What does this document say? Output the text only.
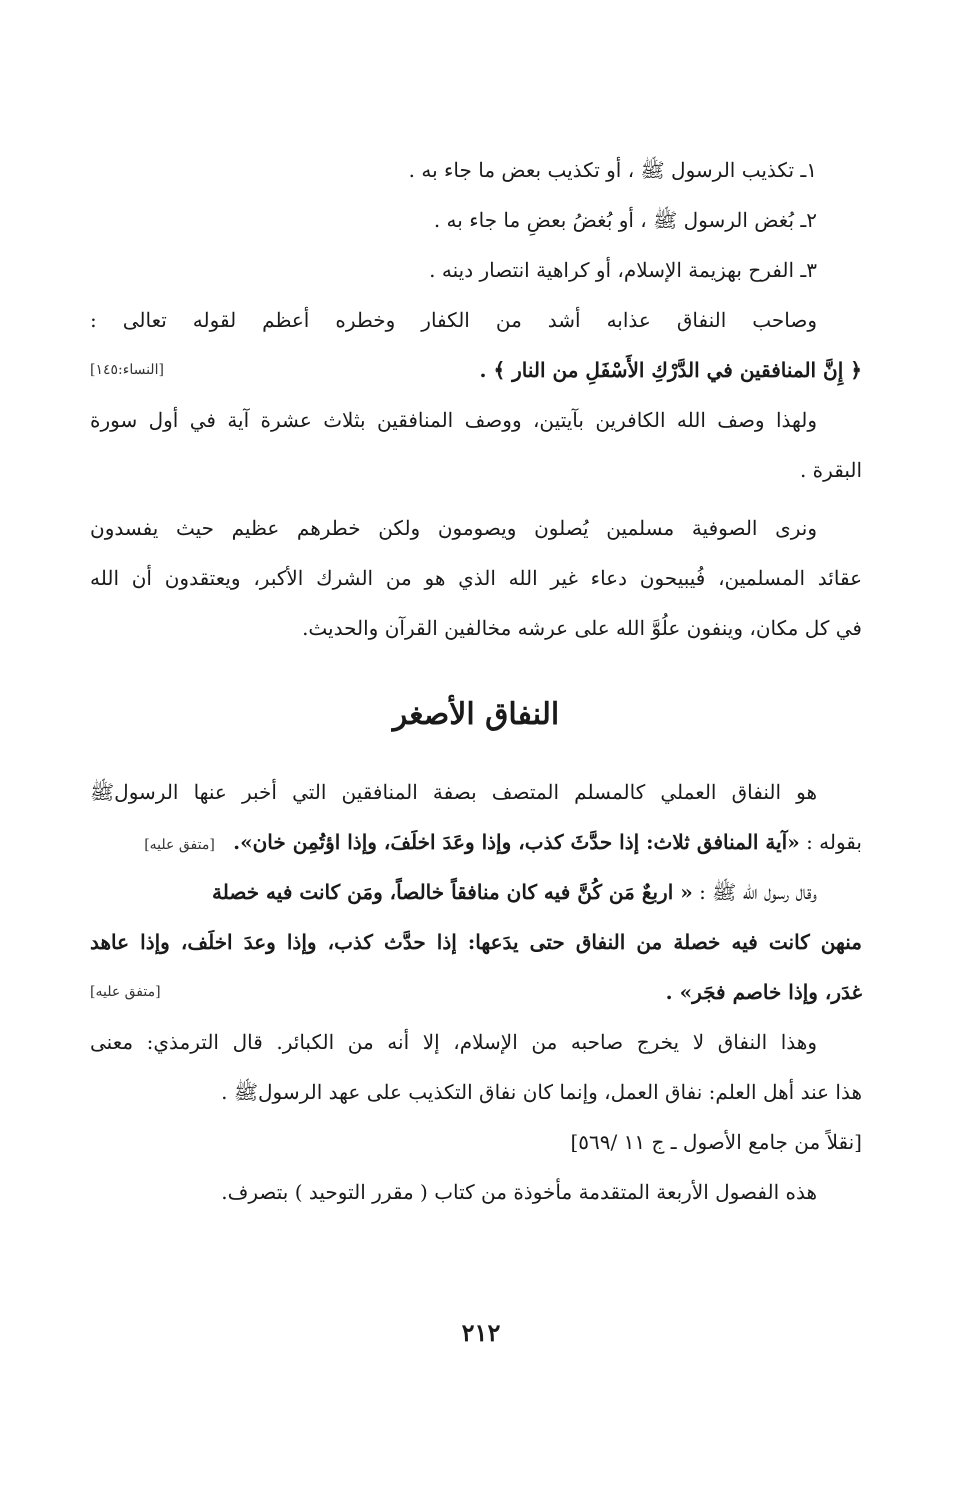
١ـ تكذيب الرسول ﷺ ، أو تكذيب بعض ما جاء به .
٢ـ بُغض الرسول ﷺ ، أو بُغضُ بعضِ ما جاء به .
٣ـ الفرح بهزيمة الإسلام، أو كراهية انتصار دينه .
وصاحب النفاق عذابه أشد من الكفار وخطره أعظم لقوله تعالى :
﴿ إِنَّ المنافقين في الدَّرْكِ الأَسْفَلِ من النار ﴾ .
[النساء:١٤٥]
ولهذا وصف الله الكافرين بآيتين، ووصف المنافقين بثلاث عشرة آية في أول سورة
البقرة .
ونرى الصوفية مسلمين يُصلون ويصومون ولكن خطرهم عظيم حيث يفسدون
عقائد المسلمين، فُيبيحون دعاء غير الله الذي هو من الشرك الأكبر، ويعتقدون أن الله
في كل مكان، وينفون علُوَّ الله على عرشه مخالفين القرآن والحديث.
النفاق الأصغر
هو النفاق العملي كالمسلم المتصف بصفة المنافقين التي أخبر عنها الرسولﷺ
بقوله : «آية المنافق ثلاث: إذا حدَّثَ كذب، وإذا وعَدَ اخلَفَ، وإذا اؤتُمِن خان». [متفق عليه]
وقال رسول الله ﷺ : « اربعٌ مَن كُنَّ فيه كان منافقاً خالصاً، ومَن كانت فيه خصلة
منهن كانت فيه خصلة من النفاق حتى يدَعها: إذا حدَّث كذب، وإذا وعدَ اخلَف، وإذا عاهد
غدَر، وإذا خاصم فجَر» .
[متفق عليه]
وهذا النفاق لا يخرج صاحبه من الإسلام، إلا أنه من الكبائر. قال الترمذي: معنى
هذا عند أهل العلم: نفاق العمل، وإنما كان نفاق التكذيب على عهد الرسولﷺ .
[نقلاً من جامع الأصول ـ ج ١١ /٥٦٩]
هذه الفصول الأربعة المتقدمة مأخوذة من كتاب ( مقرر التوحيد ) بتصرف.
٢١٢
